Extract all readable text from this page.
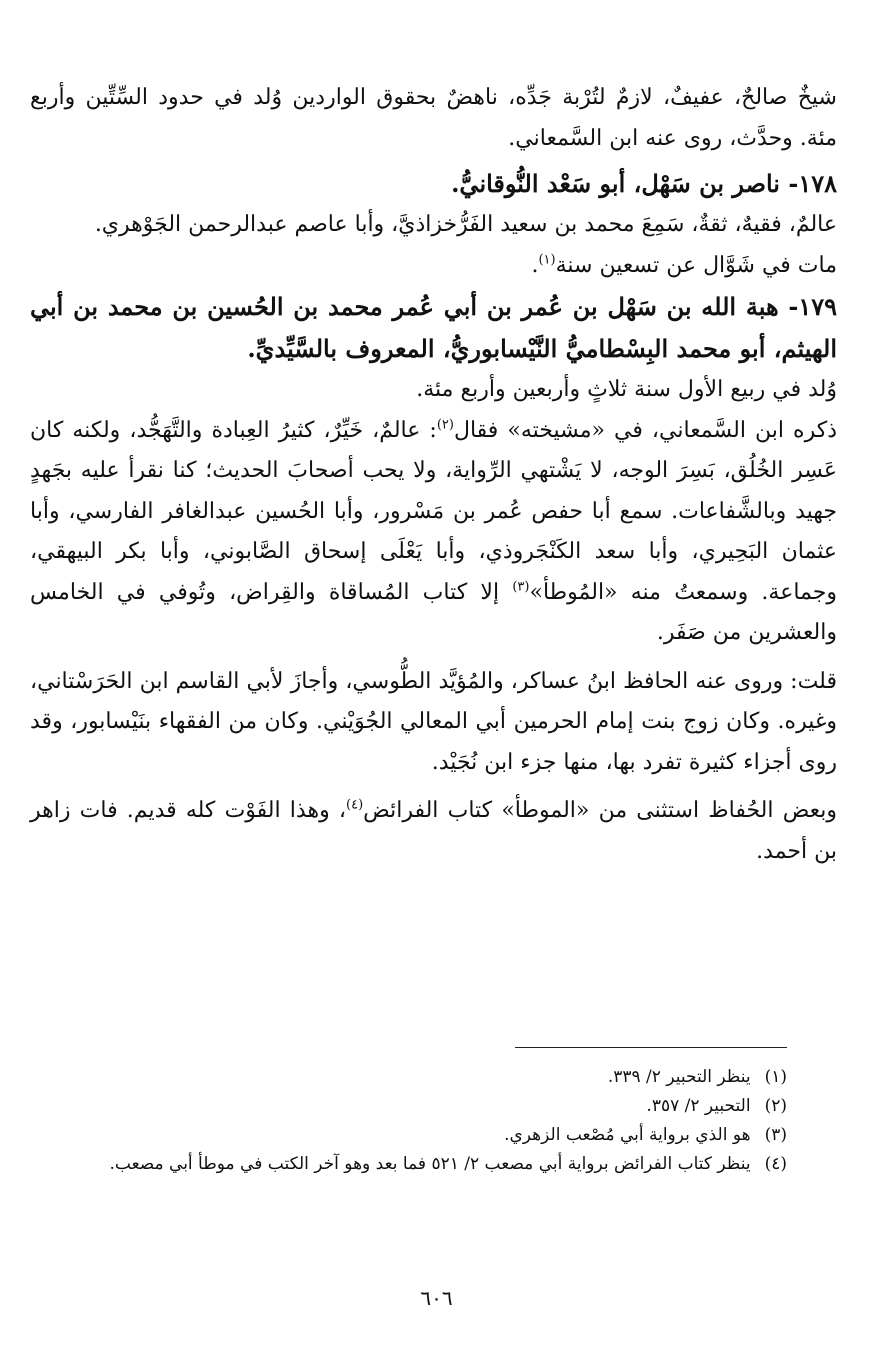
شيخٌ صالحٌ، عفيفٌ، لازمٌ لتُرْبة جَدِّه، ناهضٌ بحقوق الواردين وُلد في حدود السِّتِّين وأربع مئة. وحدَّث، روى عنه ابن السَّمعاني.

١٧٨- ناصر بن سَهْل، أبو سَعْد النُّوقانيُّ.

عالمٌ، فقيهٌ، ثقةٌ، سَمِعَ محمد بن سعيد الفَرُّخزاذيَّ، وأبا عاصم عبدالرحمن الجَوْهري.

مات في شَوَّال عن تسعين سنة$^{(١)}$.

١٧٩- هبة الله بن سَهْل بن عُمر بن أبي عُمر محمد بن الحُسين بن محمد بن أبي الهيثم، أبو محمد البِسْطاميُّ النَّيْسابوريُّ، المعروف بالسَّيِّديِّ.

وُلد في ربيع الأول سنة ثلاثٍ وأربعين وأربع مئة.

ذكره ابن السَّمعاني، في «مشيخته» فقال$^{(٢)}$: عالمٌ، خَيِّرٌ، كثيرُ العِبادة والتَّهَجُّد، ولكنه كان عَسِر الخُلُق، بَسِرَ الوجه، لا يَشْتهي الرِّواية، ولا يحب أصحابَ الحديث؛ كنا نقرأ عليه بجَهدٍ جهيد وبالشَّفاعات. سمع أبا حفص عُمر بن مَسْرور، وأبا الحُسين عبدالغافر الفارسي، وأبا عثمان البَحِيري، وأبا سعد الكَنْجَروذي، وأبا يَعْلَى إسحاق الصَّابوني، وأبا بكر البيهقي، وجماعة. وسمعتُ منه «المُوطأ»$^{(٣)}$ إلا كتاب المُساقاة والقِراض، وتُوفي في الخامس والعشرين من صَفَر.

قلت: وروى عنه الحافظ ابنُ عساكر، والمُؤيَّد الطُّوسي، وأجازَ لأبي القاسم ابن الحَرَسْتاني، وغيره. وكان زوج بنت إمام الحرمين أبي المعالي الجُوَيْني. وكان من الفقهاء بنَيْسابور، وقد روى أجزاء كثيرة تفرد بها، منها جزء ابن نُجَيْد.

وبعض الحُفاظ استثنى من «الموطأ» كتاب الفرائض$^{(٤)}$، وهذا الفَوْت كله قديم. فات زاهر بن أحمد.

(١)
ينظر التحبير ٢/ ٣٣٩.
(٢)
التحبير ٢/ ٣٥٧.
(٣)
هو الذي برواية أبي مُصْعب الزهري.
(٤)
ينظر كتاب الفرائض برواية أبي مصعب ٢/ ٥٢١ فما بعد وهو آخر الكتب في موطأ أبي مصعب.
٦٠٦
